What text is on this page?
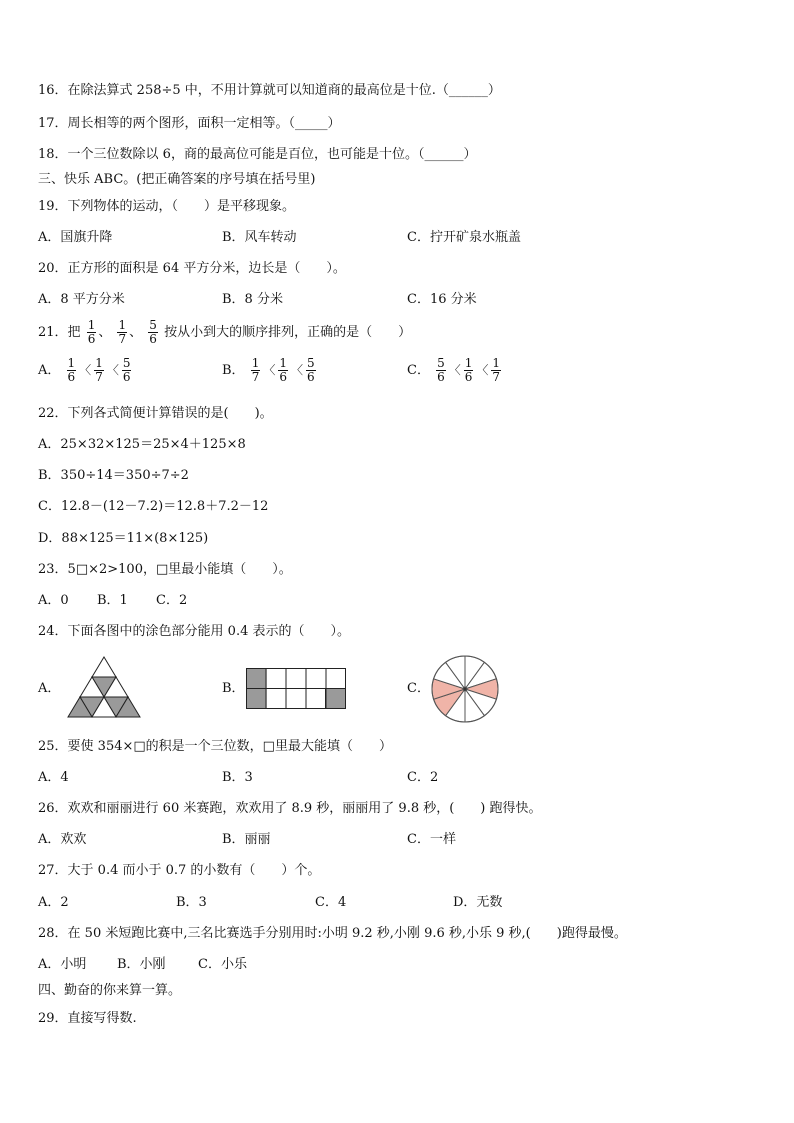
16．在除法算式 258÷5 中，不用计算就可以知道商的最高位是十位.（______）
17．周长相等的两个图形，面积一定相等。（_____）
18．一个三位数除以 6，商的最高位可能是百位，也可能是十位。（______）
三、快乐 ABC。(把正确答案的序号填在括号里)
19．下列物体的运动，（　　）是平移现象。
A．国旗升降	B．风车转动	C．拧开矿泉水瓶盖
20．正方形的面积是 64 平方分米，边长是（　　）。
A．8 平方分米	B．8 分米	C．16 分米
21．把 $\frac{1}{6}$ 、 $\frac{1}{7}$ 、 $\frac{5}{6}$ 按从小到大的顺序排列，正确的是（　　）
A． $\frac{1}{6}$ 〈 $\frac{1}{7}$ 〈 $\frac{5}{6}$	B． $\frac{1}{7}$ 〈 $\frac{1}{6}$ 〈 $\frac{5}{6}$	C． $\frac{5}{6}$ 〈 $\frac{1}{6}$ 〈 $\frac{1}{7}$
22．下列各式简便计算错误的是(　　)。
A．25×32×125＝25×4＋125×8
B．350÷14＝350÷7÷2
C．12.8－(12－7.2)＝12.8＋7.2－12
D．88×125＝11×(8×125)
23．5□×2>100，□里最小能填（　　）。
A．0 B．1 C．2
24．下面各图中的涂色部分能用 0.4 表示的（　　）。
A．	B．	C．
25．要使 354×□的积是一个三位数，□里最大能填（　　）
A．4	B．3	C．2
26．欢欢和丽丽进行 60 米赛跑，欢欢用了 8.9 秒，丽丽用了 9.8 秒，(　　) 跑得快。
A．欢欢	B．丽丽	C．一样
27．大于 0.4 而小于 0.7 的小数有（　　）个。
A．2	B．3	C．4	D．无数
28．在 50 米短跑比赛中,三名比赛选手分别用时:小明 9.2 秒,小刚 9.6 秒,小乐 9 秒,(　　)跑得最慢。
A．小明 B．小刚 C．小乐
四、勤奋的你来算一算。
29．直接写得数.
